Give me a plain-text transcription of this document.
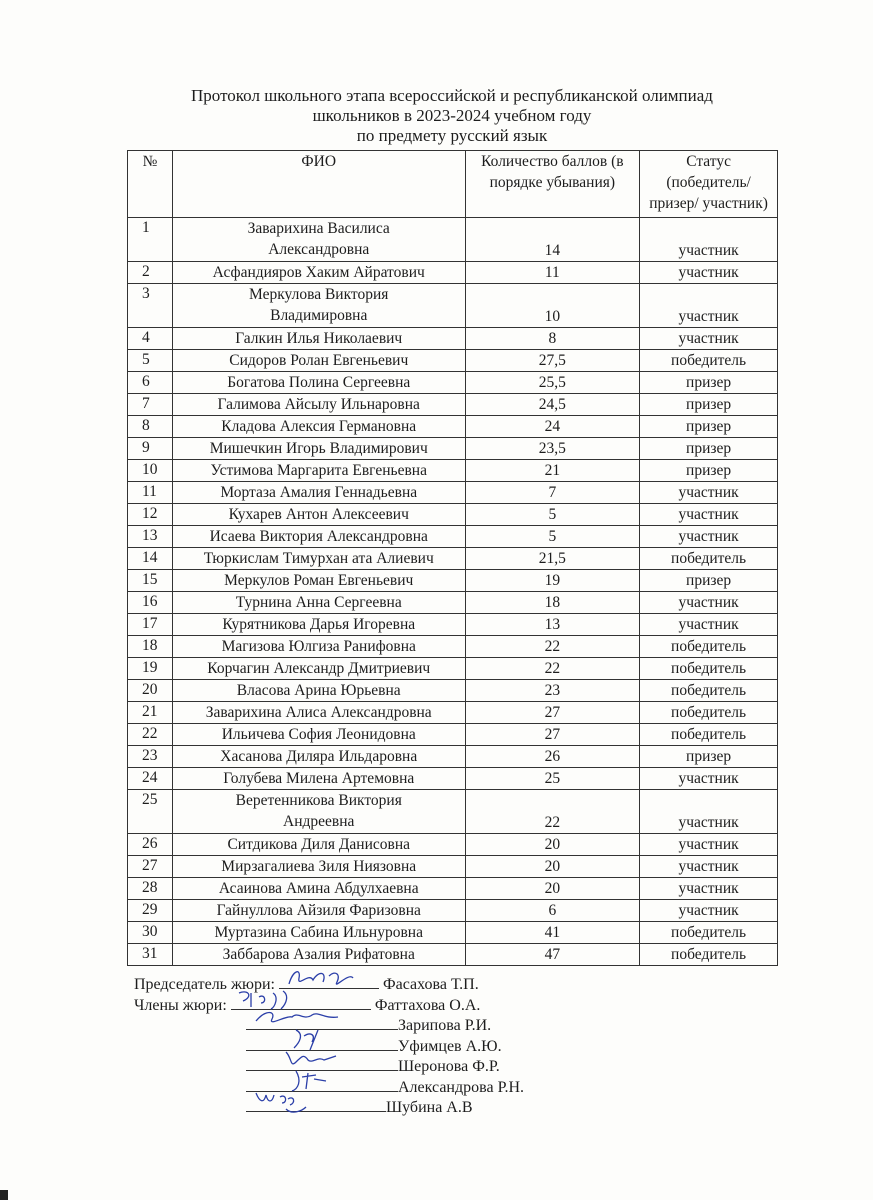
Протокол школьного этапа всероссийской и республиканской олимпиад
школьников в 2023-2024 учебном году
по предмету русский язык
№	ФИО	Количество баллов (в порядке убывания)	Статус (победитель/ призер/ участник)
1	Заварихина Василиса Александровна	14	участник
2	Асфандияров Хаким Айратович	11	участник
3	Меркулова Виктория Владимировна	10	участник
4	Галкин Илья Николаевич	8	участник
5	Сидоров Ролан Евгеньевич	27,5	победитель
6	Богатова Полина Сергеевна	25,5	призер
7	Галимова Айсылу Ильнаровна	24,5	призер
8	Кладова Алексия Германовна	24	призер
9	Мишечкин Игорь Владимирович	23,5	призер
10	Устимова Маргарита Евгеньевна	21	призер
11	Мортаза Амалия Геннадьевна	7	участник
12	Кухарев Антон Алексеевич	5	участник
13	Исаева Виктория Александровна	5	участник
14	Тюркислам Тимурхан ата Алиевич	21,5	победитель
15	Меркулов Роман Евгеньевич	19	призер
16	Турнина Анна Сергеевна	18	участник
17	Курятникова Дарья Игоревна	13	участник
18	Магизова Юлгиза Ранифовна	22	победитель
19	Корчагин Александр Дмитриевич	22	победитель
20	Власова Арина Юрьевна	23	победитель
21	Заварихина Алиса Александровна	27	победитель
22	Ильичева София Леонидовна	27	победитель
23	Хасанова Диляра Ильдаровна	26	призер
24	Голубева Милена Артемовна	25	участник
25	Веретенникова Виктория Андреевна	22	участник
26	Ситдикова Диля Данисовна	20	участник
27	Мирзагалиева Зиля Ниязовна	20	участник
28	Асаинова Амина Абдулхаевна	20	участник
29	Гайнуллова Айзиля Фаризовна	6	участник
30	Муртазина Сабина Ильнуровна	41	победитель
31	Заббарова Азалия Рифатовна	47	победитель
Председатель жюри:	Фасахова Т.П.
Члены жюри:	Фаттахова О.А.
Зарипова Р.И.
Уфимцев А.Ю.
Шеронова Ф.Р.
Александрова Р.Н.
Шубина А.В
